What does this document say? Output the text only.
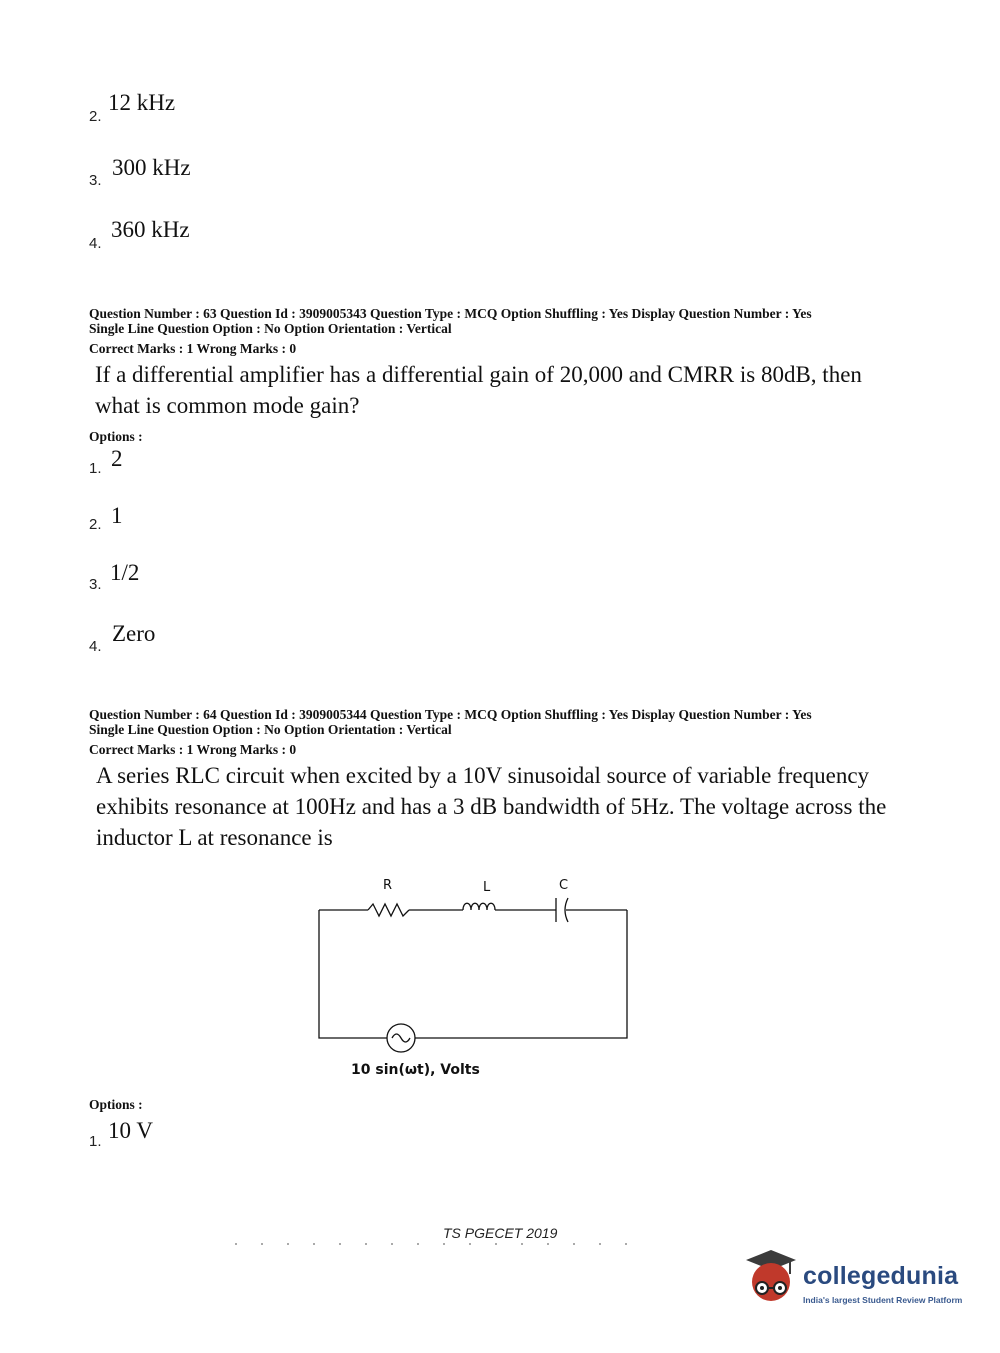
2.
12 kHz
3.
300 kHz
4.
360 kHz
Question Number : 63 Question Id : 3909005343 Question Type : MCQ Option Shuffling : Yes Display Question Number : Yes
Single Line Question Option : No Option Orientation : Vertical
Correct Marks : 1 Wrong Marks : 0
If a differential amplifier has a differential gain of 20,000 and CMRR is 80dB, then
what is common mode gain?
Options :
1. 2
2. 1
3. 1/2
4.
Zero
Question Number : 64 Question Id : 3909005344 Question Type : MCQ Option Shuffling : Yes Display Question Number : Yes
Single Line Question Option : No Option Orientation : Vertical
Correct Marks : 1 Wrong Marks : 0
A series RLC circuit when excited by a 10V sinusoidal source of variable frequency
exhibits resonance at 100Hz and has a 3 dB bandwidth of 5Hz. The voltage across the
inductor L at resonance is
R	L	C
10 sin(ωt), Volts
Options :
1. 10 V
TS PGECET 2019
collegedunia
India's largest Student Review Platform
